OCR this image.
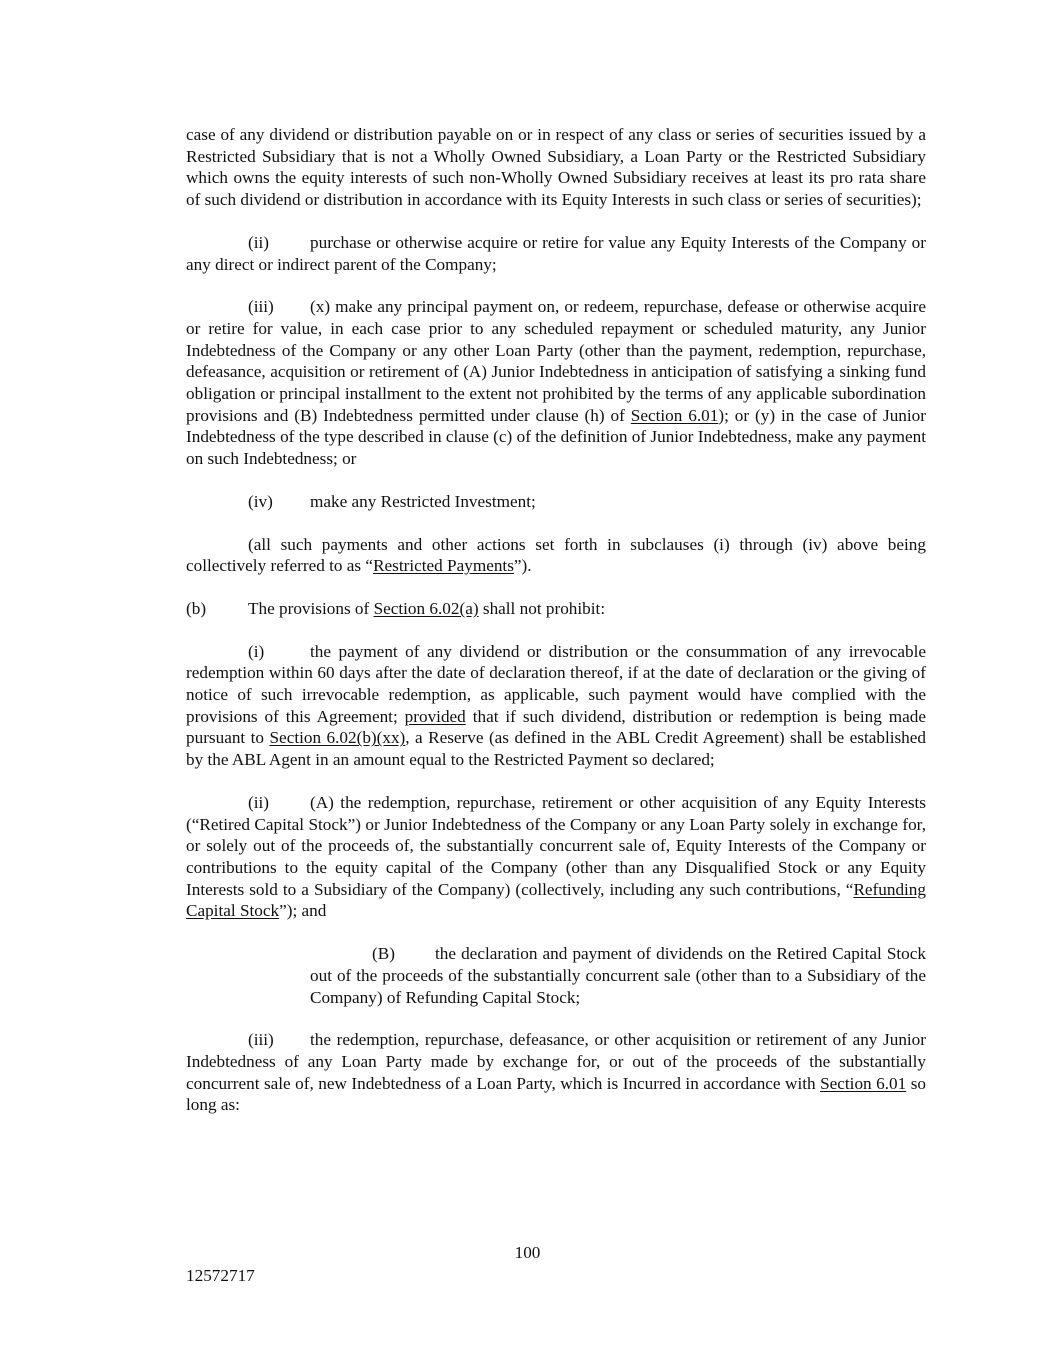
case of any dividend or distribution payable on or in respect of any class or series of securities issued by a Restricted Subsidiary that is not a Wholly Owned Subsidiary, a Loan Party or the Restricted Subsidiary which owns the equity interests of such non-Wholly Owned Subsidiary receives at least its pro rata share of such dividend or distribution in accordance with its Equity Interests in such class or series of securities);

(ii) purchase or otherwise acquire or retire for value any Equity Interests of the Company or any direct or indirect parent of the Company;

(iii) (x) make any principal payment on, or redeem, repurchase, defease or otherwise acquire or retire for value, in each case prior to any scheduled repayment or scheduled maturity, any Junior Indebtedness of the Company or any other Loan Party (other than the payment, redemption, repurchase, defeasance, acquisition or retirement of (A) Junior Indebtedness in anticipation of satisfying a sinking fund obligation or principal installment to the extent not prohibited by the terms of any applicable subordination provisions and (B) Indebtedness permitted under clause (h) of Section 6.01); or (y) in the case of Junior Indebtedness of the type described in clause (c) of the definition of Junior Indebtedness, make any payment on such Indebtedness; or

(iv) make any Restricted Investment;

(all such payments and other actions set forth in subclauses (i) through (iv) above being collectively referred to as “Restricted Payments”).

(b) The provisions of Section 6.02(a) shall not prohibit:

(i)	the payment of any dividend or distribution or the consummation of any irrevocable redemption within 60 days after the date of declaration thereof, if at the date of declaration or the giving of notice of such irrevocable redemption, as applicable, such payment would have complied with the provisions of this Agreement; provided that if such dividend, distribution or redemption is being made pursuant to Section 6.02(b)(xx), a Reserve (as defined in the ABL Credit Agreement) shall be established by the ABL Agent in an amount equal to the Restricted Payment so declared;

(ii) (A) the redemption, repurchase, retirement or other acquisition of any Equity Interests (“Retired Capital Stock”) or Junior Indebtedness of the Company or any Loan Party solely in exchange for, or solely out of the proceeds of, the substantially concurrent sale of, Equity Interests of the Company or contributions to the equity capital of the Company (other than any Disqualified Stock or any Equity Interests sold to a Subsidiary of the Company) (collectively, including any such contributions, “Refunding Capital Stock”); and

(B) the declaration and payment of dividends on the Retired Capital Stock out of the proceeds of the substantially concurrent sale (other than to a Subsidiary of the Company) of Refunding Capital Stock;

(iii) the redemption, repurchase, defeasance, or other acquisition or retirement of any Junior Indebtedness of any Loan Party made by exchange for, or out of the proceeds of the substantially concurrent sale of, new Indebtedness of a Loan Party, which is Incurred in accordance with Section 6.01 so long as:

100
12572717
